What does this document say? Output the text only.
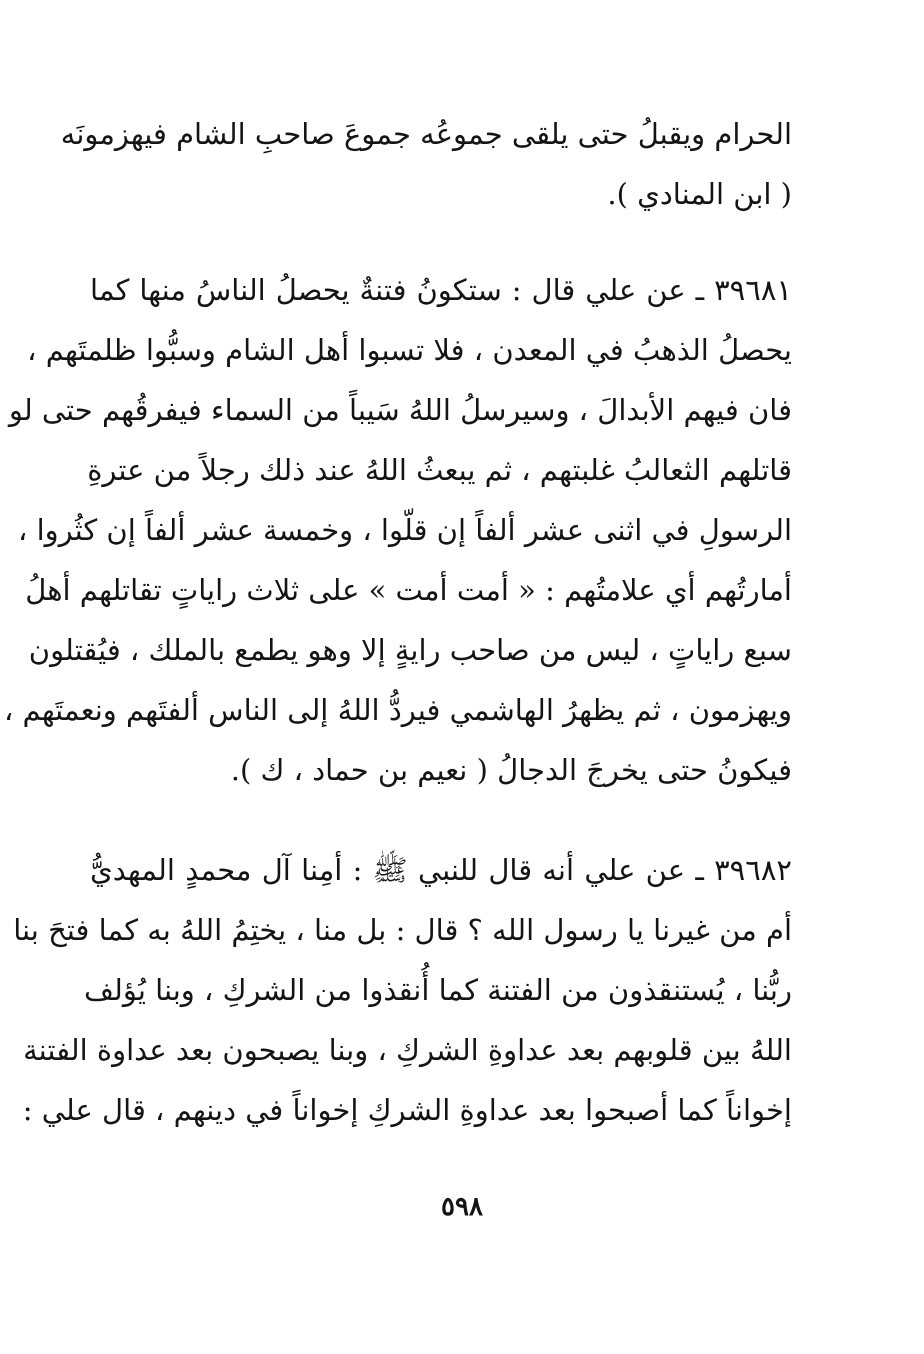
الحرام ويقبلُ حتى يلقى جموعُه جموعَ صاحبِ الشام فيهزمونَه
( ابن المنادي ).
٣٩٦٨١ ـ عن علي قال : ستكونُ فتنةٌ يحصلُ الناسُ منها كما
يحصلُ الذهبُ في المعدن ، فلا تسبوا أهل الشام وسبُّوا ظلمتَهم ،
فان فيهم الأبدالَ ، وسيرسلُ اللهُ سَيباً من السماء فيفرقُهم حتى لو
قاتلهم الثعالبُ غلبتهم ، ثم يبعثُ اللهُ عند ذلك رجلاً من عترةِ
الرسولِ في اثنى عشر ألفاً إن قلّوا ، وخمسة عشر ألفاً إن كثُروا ،
أمارتُهم أي علامتُهم : « أمت أمت » على ثلاث راياتٍ تقاتلهم أهلُ
سبع راياتٍ ، ليس من صاحب رايةٍ إلا وهو يطمع بالملك ، فيُقتلون
ويهزمون ، ثم يظهرُ الهاشمي فيردُّ اللهُ إلى الناس ألفتَهم ونعمتَهم ،
فيكونُ حتى يخرجَ الدجالُ ( نعيم بن حماد ، ك ).
٣٩٦٨٢ ـ عن علي أنه قال للنبي ﷺ : أمِنا آل محمدٍ المهديُّ
أم من غيرنا يا رسول الله ؟ قال : بل منا ، يختِمُ اللهُ به كما فتحَ بنا
ربُّنا ، يُستنقذون من الفتنة كما أُنقذوا من الشركِ ، وبنا يُؤلف
اللهُ بين قلوبهم بعد عداوةِ الشركِ ، وبنا يصبحون بعد عداوة الفتنة
إخواناً كما أصبحوا بعد عداوةِ الشركِ إخواناً في دينهم ، قال علي :
٥٩٨
